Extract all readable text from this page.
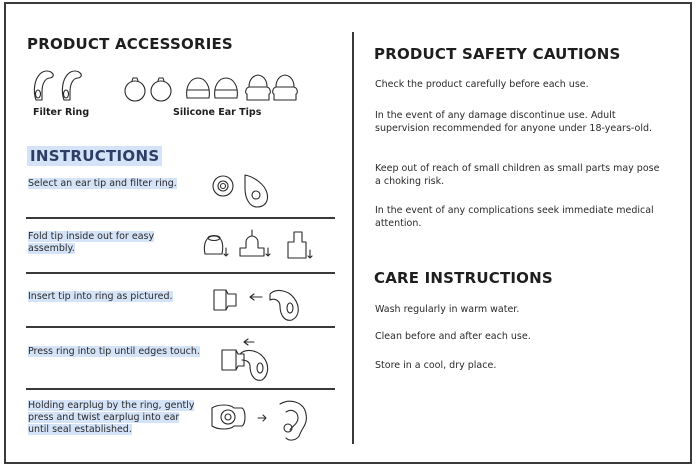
PRODUCT ACCESSORIES
Filter Ring	Silicone Ear Tips
INSTRUCTIONS
Select an ear tip and filter ring.
Fold tip inside out for easy assembly.
Insert tip into ring as pictured.
Press ring into tip until edges touch.
Holding earplug by the ring, gently press and twist earplug into ear until seal established.
PRODUCT SAFETY CAUTIONS
Check the product carefully before each use.
In the event of any damage discontinue use. Adult supervision recommended for anyone under 18-years-old.
Keep out of reach of small children as small parts may pose a choking risk.
In the event of any complications seek immediate medical attention.
CARE INSTRUCTIONS
Wash regularly in warm water.
Clean before and after each use.
Store in a cool, dry place.
